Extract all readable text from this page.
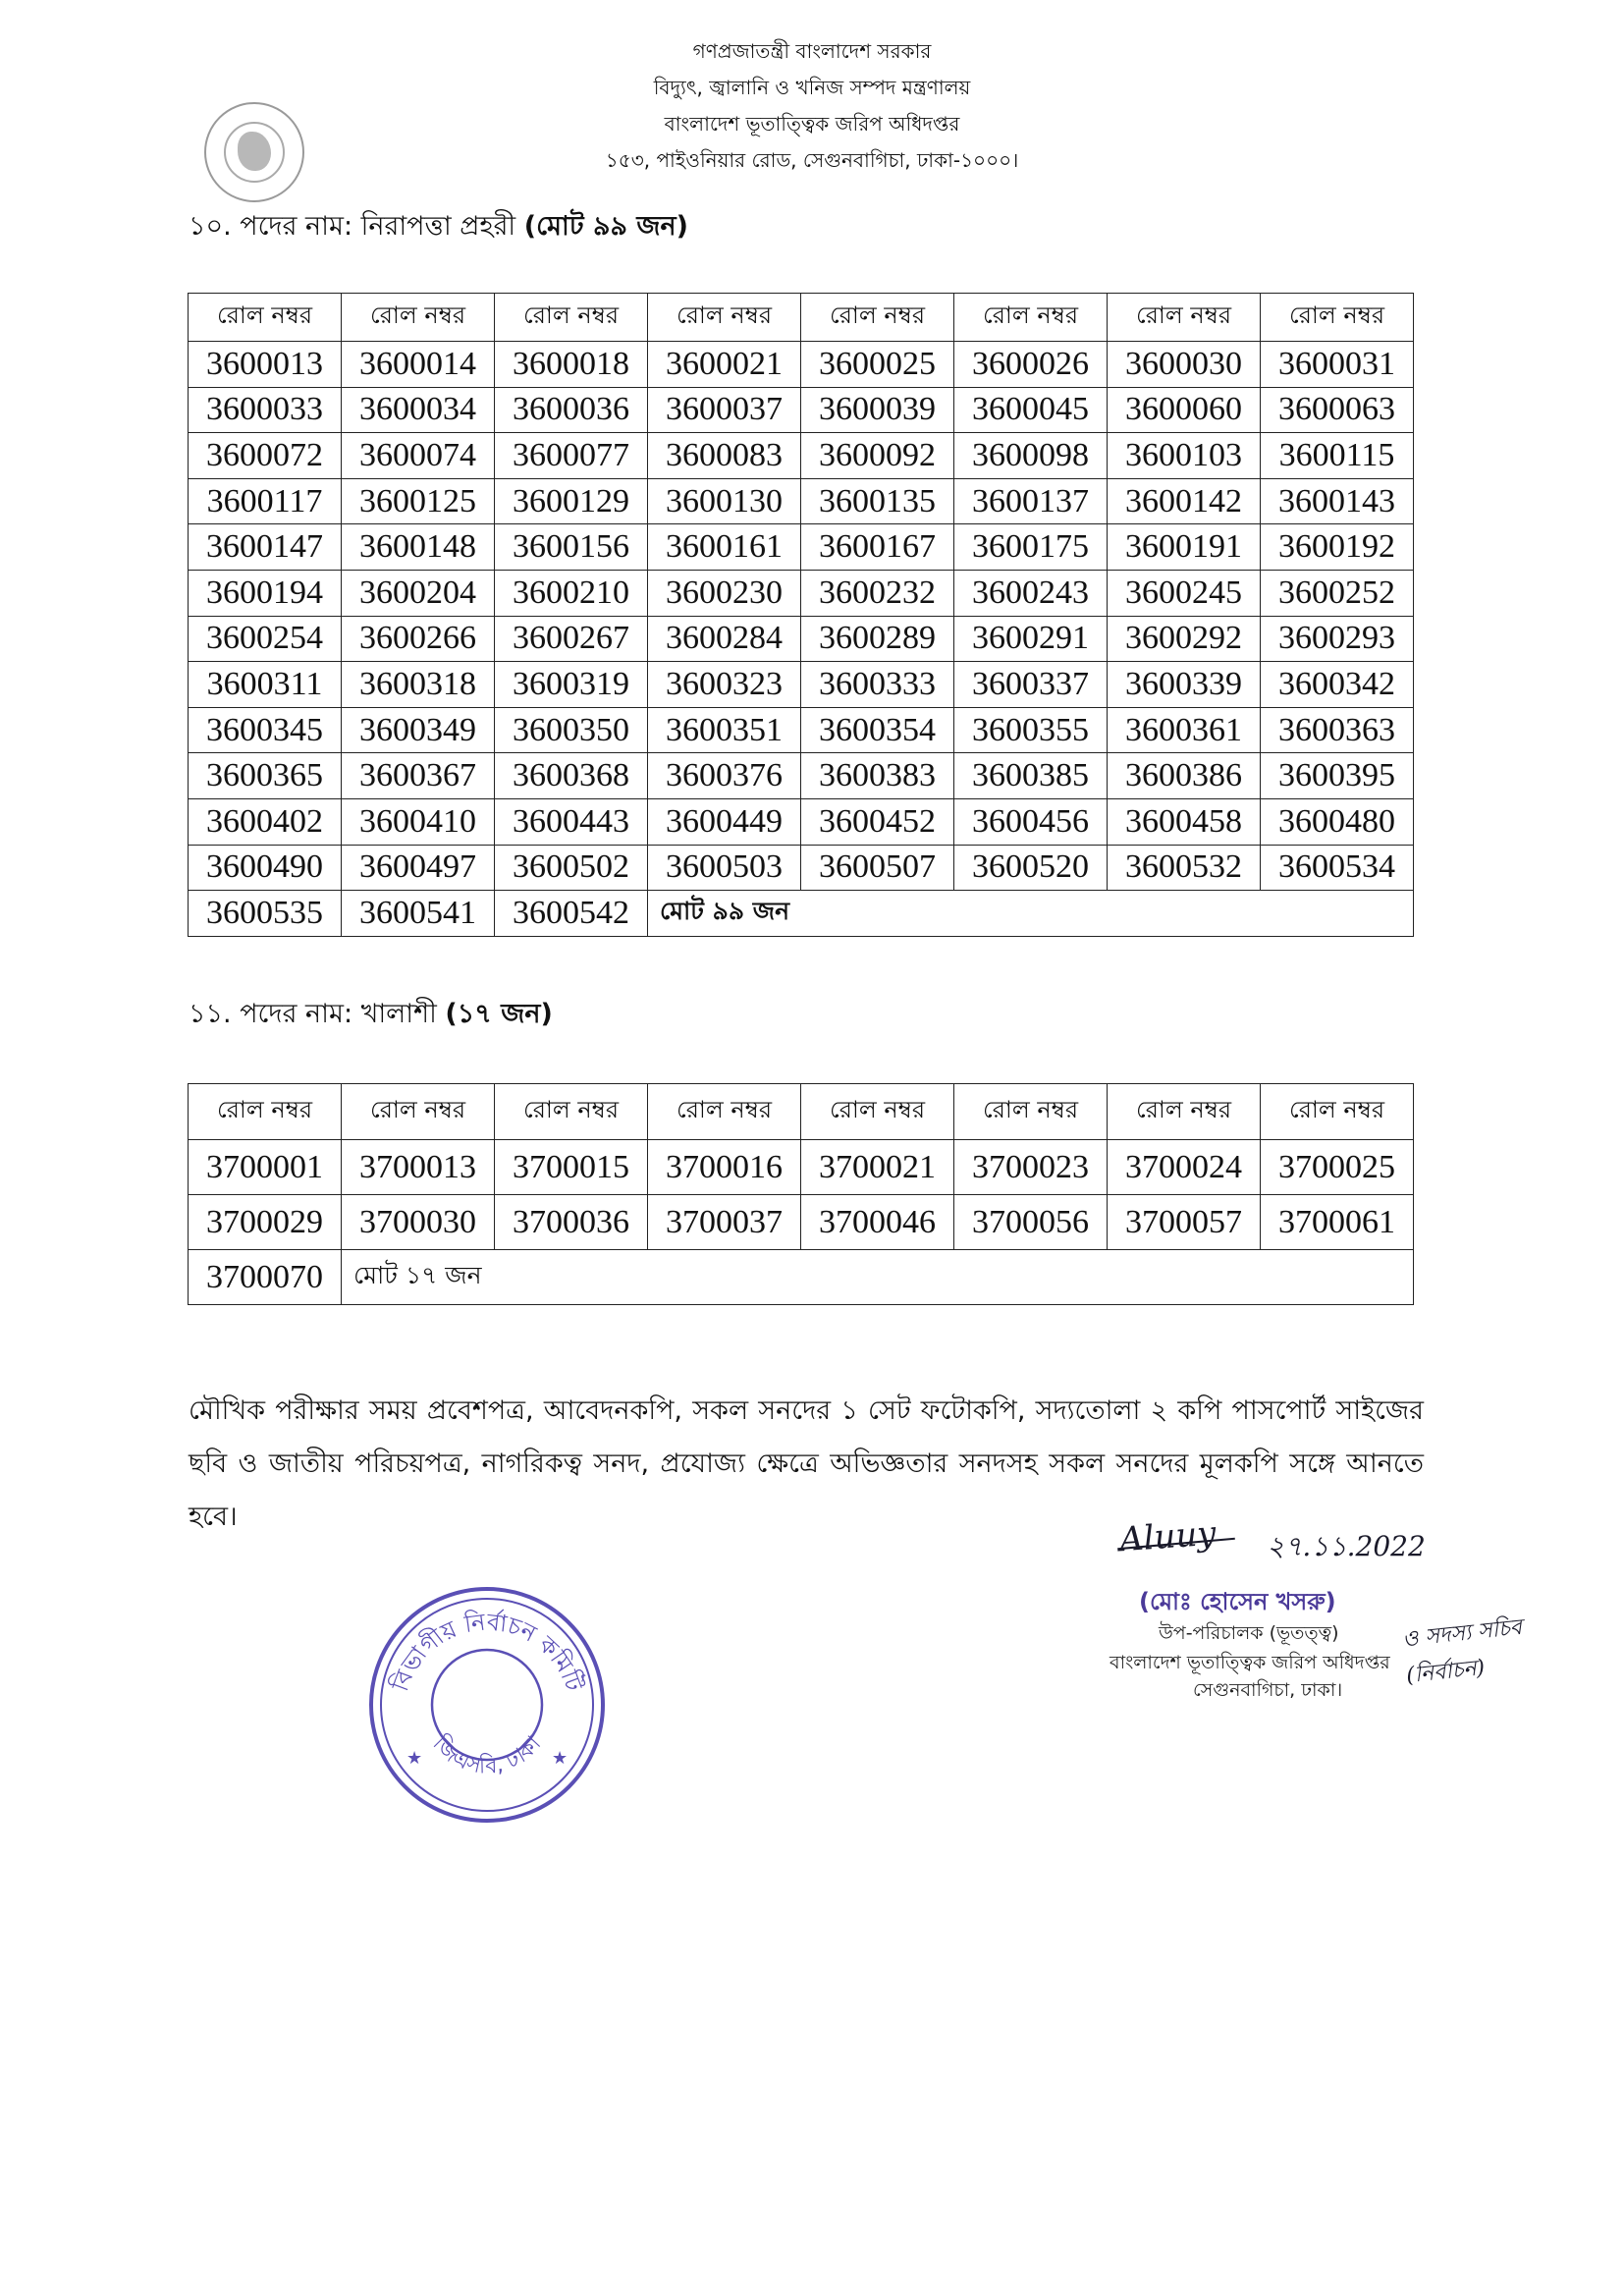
গণপ্রজাতন্ত্রী বাংলাদেশ সরকার
বিদ্যুৎ, জ্বালানি ও খনিজ সম্পদ মন্ত্রণালয়
বাংলাদেশ ভূতাত্ত্বিক জরিপ অধিদপ্তর
১৫৩, পাইওনিয়ার রোড, সেগুনবাগিচা, ঢাকা-১০০০।
১০. পদের নাম: নিরাপত্তা প্রহরী (মোট ৯৯ জন)
রোল নম্বর	রোল নম্বর	রোল নম্বর	রোল নম্বর	রোল নম্বর	রোল নম্বর	রোল নম্বর	রোল নম্বর
3600013	3600014	3600018	3600021	3600025	3600026	3600030	3600031
3600033	3600034	3600036	3600037	3600039	3600045	3600060	3600063
3600072	3600074	3600077	3600083	3600092	3600098	3600103	3600115
3600117	3600125	3600129	3600130	3600135	3600137	3600142	3600143
3600147	3600148	3600156	3600161	3600167	3600175	3600191	3600192
3600194	3600204	3600210	3600230	3600232	3600243	3600245	3600252
3600254	3600266	3600267	3600284	3600289	3600291	3600292	3600293
3600311	3600318	3600319	3600323	3600333	3600337	3600339	3600342
3600345	3600349	3600350	3600351	3600354	3600355	3600361	3600363
3600365	3600367	3600368	3600376	3600383	3600385	3600386	3600395
3600402	3600410	3600443	3600449	3600452	3600456	3600458	3600480
3600490	3600497	3600502	3600503	3600507	3600520	3600532	3600534
3600535	3600541	3600542	মোট ৯৯ জন				
১১. পদের নাম: খালাশী (১৭ জন)
রোল নম্বর	রোল নম্বর	রোল নম্বর	রোল নম্বর	রোল নম্বর	রোল নম্বর	রোল নম্বর	রোল নম্বর
3700001	3700013	3700015	3700016	3700021	3700023	3700024	3700025
3700029	3700030	3700036	3700037	3700046	3700056	3700057	3700061
3700070	মোট ১৭ জন						
মৌখিক পরীক্ষার সময় প্রবেশপত্র, আবেদনকপি, সকল সনদের ১ সেট ফটোকপি, সদ্যতোলা ২ কপি পাসপোর্ট সাইজের ছবি ও জাতীয় পরিচয়পত্র, নাগরিকত্ব সনদ, প্রযোজ্য ক্ষেত্রে অভিজ্ঞতার সনদসহ সকল সনদের মূলকপি সঙ্গে আনতে হবে।	Aluuy ২৭.১১.2022
(মোঃ হোসেন খসরু)
উপ-পরিচালক (ভূতত্ত্ব)	ও সদস্য সচিব (নির্বাচন)
বাংলাদেশ ভূতাত্ত্বিক জরিপ অধিদপ্তর
সেগুনবাগিচা, ঢাকা।
বিভাগীয় নির্বাচন কমিটি
জিএসবি, ঢাকা
★	★
